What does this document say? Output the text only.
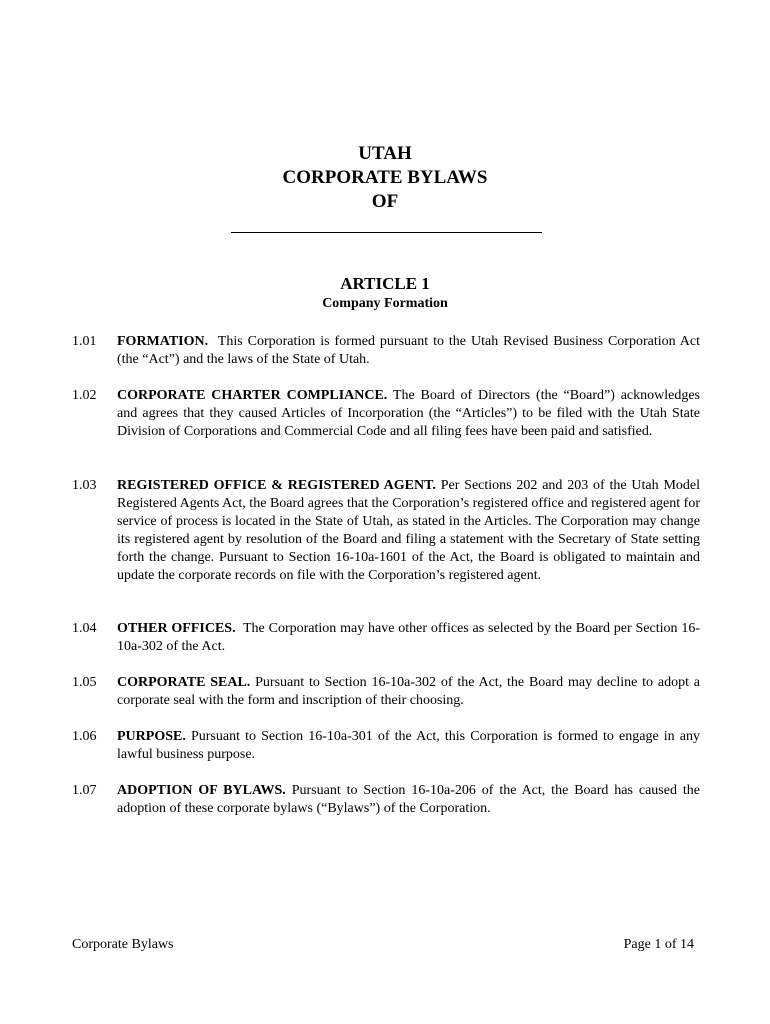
UTAH
CORPORATE BYLAWS
OF
ARTICLE 1
Company Formation
1.01	FORMATION. This Corporation is formed pursuant to the Utah Revised Business Corporation Act (the “Act”) and the laws of the State of Utah.
1.02	CORPORATE CHARTER COMPLIANCE. The Board of Directors (the “Board”) acknowledges and agrees that they caused Articles of Incorporation (the “Articles”) to be filed with the Utah State Division of Corporations and Commercial Code and all filing fees have been paid and satisfied.
1.03	REGISTERED OFFICE & REGISTERED AGENT. Per Sections 202 and 203 of the Utah Model Registered Agents Act, the Board agrees that the Corporation’s registered office and registered agent for service of process is located in the State of Utah, as stated in the Articles. The Corporation may change its registered agent by resolution of the Board and filing a statement with the Secretary of State setting forth the change. Pursuant to Section 16-10a-1601 of the Act, the Board is obligated to maintain and update the corporate records on file with the Corporation’s registered agent.
1.04	OTHER OFFICES. The Corporation may have other offices as selected by the Board per Section 16-10a-302 of the Act.
1.05	CORPORATE SEAL. Pursuant to Section 16-10a-302 of the Act, the Board may decline to adopt a corporate seal with the form and inscription of their choosing.
1.06	PURPOSE. Pursuant to Section 16-10a-301 of the Act, this Corporation is formed to engage in any lawful business purpose.
1.07	ADOPTION OF BYLAWS. Pursuant to Section 16-10a-206 of the Act, the Board has caused the adoption of these corporate bylaws (“Bylaws”) of the Corporation.
Corporate Bylaws	Page 1 of 14
